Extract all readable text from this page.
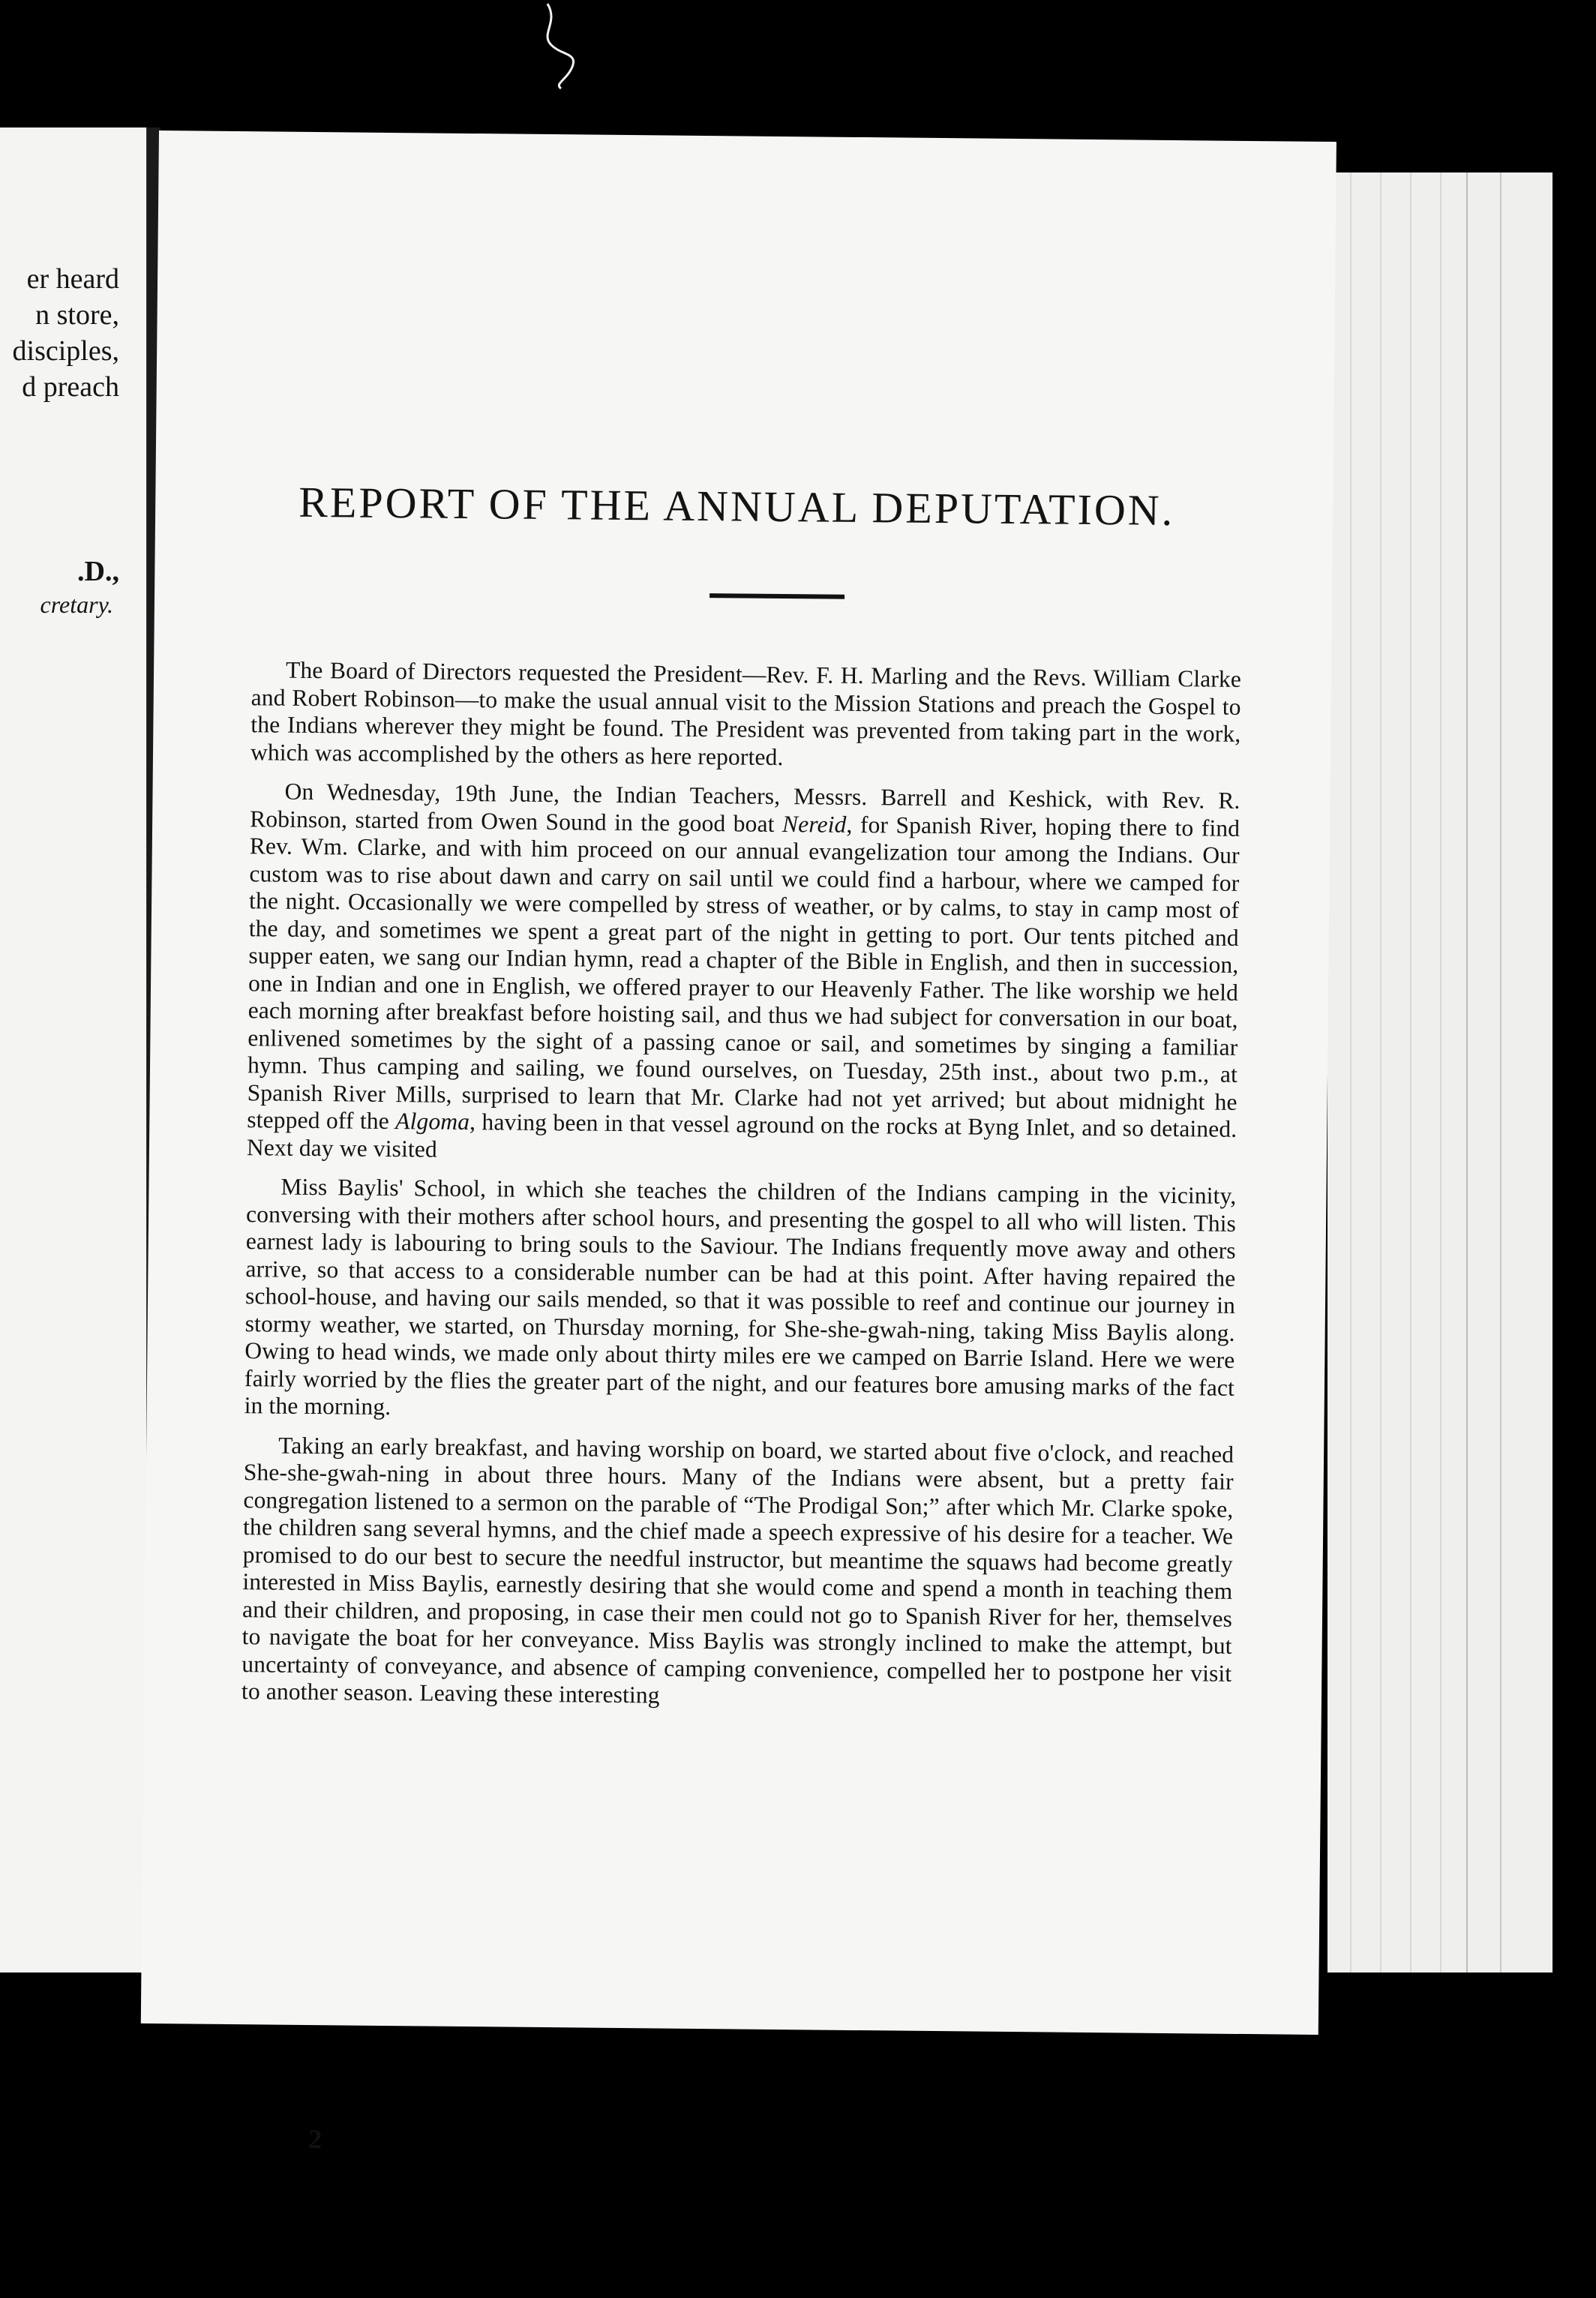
er heard
n store,
disciples,
d preach
.D.,
cretary.
REPORT OF THE ANNUAL DEPUTATION.

The Board of Directors requested the President—Rev. F. H. Marling and the Revs. William Clarke and Robert Robinson—to make the usual annual visit to the Mission Stations and preach the Gospel to the Indians wherever they might be found. The President was prevented from taking part in the work, which was accomplished by the others as here reported.

On Wednesday, 19th June, the Indian Teachers, Messrs. Barrell and Keshick, with Rev. R. Robinson, started from Owen Sound in the good boat Nereid, for Spanish River, hoping there to find Rev. Wm. Clarke, and with him proceed on our annual evangelization tour among the Indians. Our custom was to rise about dawn and carry on sail until we could find a harbour, where we camped for the night. Occasionally we were compelled by stress of weather, or by calms, to stay in camp most of the day, and sometimes we spent a great part of the night in getting to port. Our tents pitched and supper eaten, we sang our Indian hymn, read a chapter of the Bible in English, and then in succession, one in Indian and one in English, we offered prayer to our Heavenly Father. The like worship we held each morning after breakfast before hoisting sail, and thus we had subject for conversation in our boat, enlivened sometimes by the sight of a passing canoe or sail, and sometimes by singing a familiar hymn. Thus camping and sailing, we found ourselves, on Tuesday, 25th inst., about two p.m., at Spanish River Mills, surprised to learn that Mr. Clarke had not yet arrived; but about midnight he stepped off the Algoma, having been in that vessel aground on the rocks at Byng Inlet, and so detained. Next day we visited

Miss Baylis' School, in which she teaches the children of the Indians camping in the vicinity, conversing with their mothers after school hours, and presenting the gospel to all who will listen. This earnest lady is labouring to bring souls to the Saviour. The Indians frequently move away and others arrive, so that access to a considerable number can be had at this point. After having repaired the school-house, and having our sails mended, so that it was possible to reef and continue our journey in stormy weather, we started, on Thursday morning, for She-she-gwah-ning, taking Miss Baylis along. Owing to head winds, we made only about thirty miles ere we camped on Barrie Island. Here we were fairly worried by the flies the greater part of the night, and our features bore amusing marks of the fact in the morning.

Taking an early breakfast, and having worship on board, we started about five o'clock, and reached She-she-gwah-ning in about three hours. Many of the Indians were absent, but a pretty fair congregation listened to a sermon on the parable of “The Prodigal Son;” after which Mr. Clarke spoke, the children sang several hymns, and the chief made a speech expressive of his desire for a teacher. We promised to do our best to secure the needful instructor, but meantime the squaws had become greatly interested in Miss Baylis, earnestly desiring that she would come and spend a month in teaching them and their children, and proposing, in case their men could not go to Spanish River for her, themselves to navigate the boat for her conveyance. Miss Baylis was strongly inclined to make the attempt, but uncertainty of conveyance, and absence of camping convenience, compelled her to postpone her visit to another season. Leaving these interesting

2
